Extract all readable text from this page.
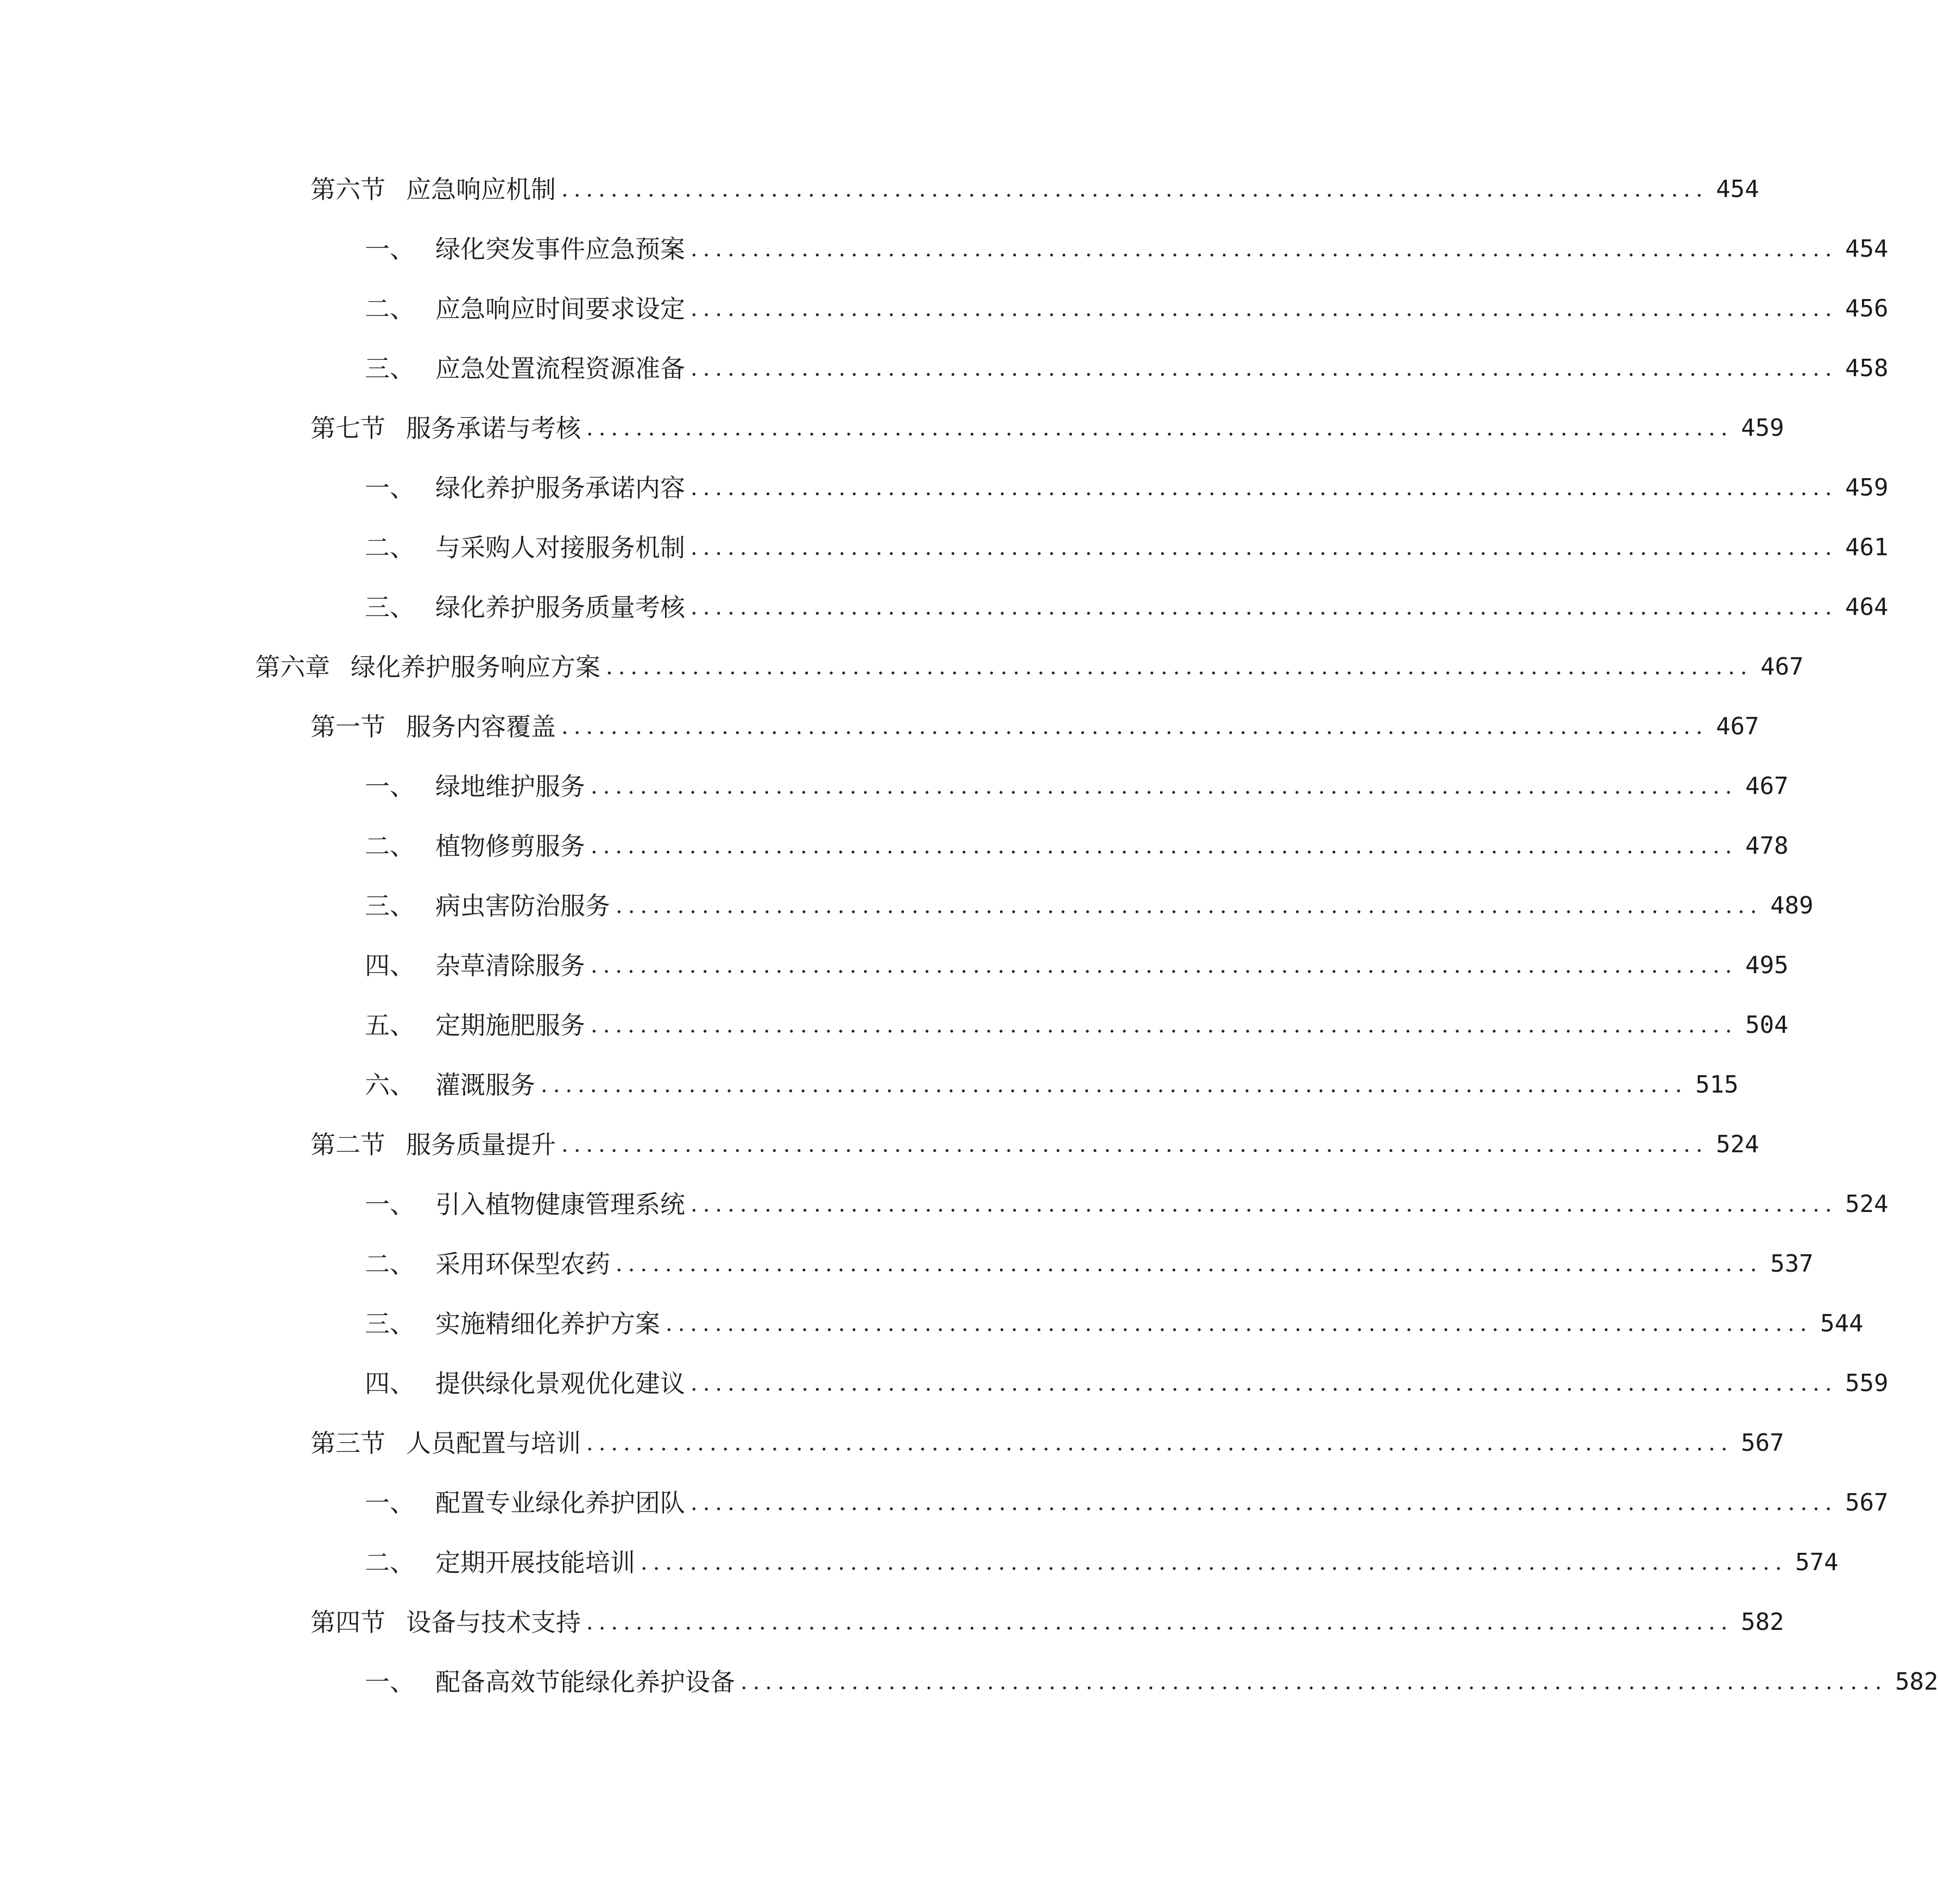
第六节 应急响应机制 ............................................................................................. 454
一、 绿化突发事件应急预案 ............................................................................................. 454
二、 应急响应时间要求设定 ............................................................................................. 456
三、 应急处置流程资源准备 ............................................................................................. 458
第七节 服务承诺与考核 ............................................................................................. 459
一、 绿化养护服务承诺内容 ............................................................................................. 459
二、 与采购人对接服务机制 ............................................................................................. 461
三、 绿化养护服务质量考核 ............................................................................................. 464
第六章 绿化养护服务响应方案 ............................................................................................. 467
第一节 服务内容覆盖 ............................................................................................. 467
一、 绿地维护服务 ............................................................................................. 467
二、 植物修剪服务 ............................................................................................. 478
三、 病虫害防治服务 ............................................................................................. 489
四、 杂草清除服务 ............................................................................................. 495
五、 定期施肥服务 ............................................................................................. 504
六、 灌溉服务 ............................................................................................. 515
第二节 服务质量提升 ............................................................................................. 524
一、 引入植物健康管理系统 ............................................................................................. 524
二、 采用环保型农药 ............................................................................................. 537
三、 实施精细化养护方案 ............................................................................................. 544
四、 提供绿化景观优化建议 ............................................................................................. 559
第三节 人员配置与培训 ............................................................................................. 567
一、 配置专业绿化养护团队 ............................................................................................. 567
二、 定期开展技能培训 ............................................................................................. 574
第四节 设备与技术支持 ............................................................................................. 582
一、 配备高效节能绿化养护设备 ............................................................................................. 582
